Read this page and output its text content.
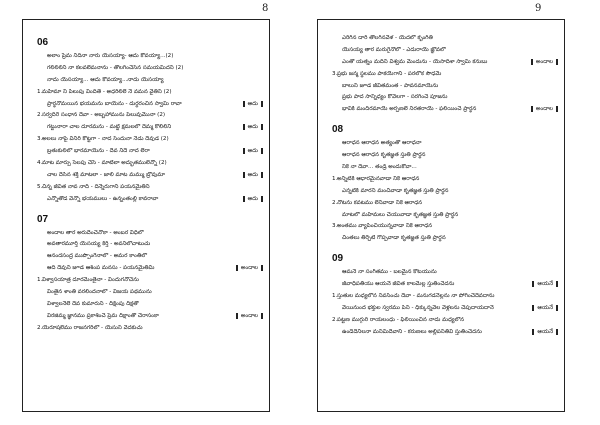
8	9
06
అలాం ప్రేమ నిదినా నారు యేసయ్యా- ఆదు కోవయ్యా...(2)
గలిలిలిని నా కలవలేమనాను - తొలగించేసిన సమయమిదని (2)
నాదు యేసయ్యా... ఆదు కోవయ్యా...నాదు యేసయ్యా
1. మహిమా నీ పిలుపు విందితే - అధరిలిలే నే వమన వైతిని (2)
ప్రార్థనోమయిన భయమను బాయెను - దుర్ధరంచిన స్వామి రావా	ఆదు
2. సర్వదిరే సంధాన దేవా - అబ్బహామును పిలువుమొనా (2)
గట్టునారా చాల దూరమను - మట్టి క్షమలలో దెమ్మ కొలిలిని	ఆదు
3. అలలు నాపై వినిరి కొట్టగా - నాద సిందునా నెడు దేవుడ (2)
బ్రతుకులిలో భారమాయెను - దేవ నిదే నాద లేరా	ఆదు
4. మాట మార్పు సెలపు చేసే - మాటిలా అద్భుతములెన్నో (2)
చాల దేసిన శక్తి మాటలా - జాలి మాట మమ్ము బ్రోవుమా	ఆదు
5. చిన్న జీవిత నావ నాది - దిన్నెరుగాని పయనమైతిని
ఎన్నోతోడ వెన్నో భయములు - ఉన్నంతంల్లి కావరావా	ఆదు
07
అందాల తార అరుదెంచెనొకా - అంబర వీధిలో
అవతారమూర్తి యేసయ్య కీర్తి - అవనిలోచాటుచు
ఆనందసంద్ర ముప్పొంగెనాలో - అమర కాంతిలో
ఆది దేవుని జూడ ఆశింప మనసు - పయనమైతిమి	అందాల
1. విశ్వాసయాత్ర దూరమెంతైనా - విందుగనోచెను
వింతైన శాంతి వరలిందనాలో - విజయ పథమును
విశ్వాలనేలే దేవ కుమారుని - దీక్షింపు దీక్షతో
విరజిమ్మ జ్ఞానము ప్రకాశించె ప్రేమ దీక్షాంతో చేరాసంకా	అందాల
2. యెరూషలేము రాజనగరిలో - యేసుని వెదకుచు
ఎరిగిన దారి తొలగినవేళ - యెదలో కృంగితి
యేసయ్య తార మరుగైనోలో - ఎదురాయె జ్ఞోవలో
ఎంతో యత్నం మదిని విశ్వమ మెందును - యేసాదిశా స్వామి కనుబు	అందాల
3. ప్రభు జన్మ స్థలము పాకయేగాని - పరలోక సౌధమే
బాలుని జూడ జీవితమంత - పావనమాయెను
ప్రభు పాద సాన్నిధ్యం కోవెలగా - సరగించె పూజను
భావికి మందిరమాయె అర్పణలే నిరతరాయె - ఫలియించె ప్రార్థన	అందాల
08
ఆరాధన ఆరాధన అత్యంతో ఆరాధనా
ఆరాధన ఆరాధన కృతజ్ఞత స్తుతి ప్రార్థన
నీకే నా దేవా... తండ్రి అందుకోవా...
1. అన్నిటికీ ఆధారమైనవాడా నీకే ఆరాధన
ఎన్నటికీ మారని మంచివాడా కృతజ్ఞత స్తుతి ప్రార్థన
2. నోటను కవటము లేనివాడా నీకే ఆరాధన
మాటలో మహిమలు చేయువాడా కృతజ్ఞత స్తుతి ప్రార్థన
3. అంతము వ్యాపించియున్నవాడా నీకే ఆరాధన
చింతలు తీర్చేటి గొప్పవాడా కృతజ్ఞత స్తుతి ప్రార్థన
09
ఆమనే నా సంగీతము - బలమైన కోటయును
జీవాధిపతియు ఆయనే జీవిత కాలమెల్ల స్తుతించెదను	ఆయనే
1. స్తుతుల మధ్యలోన నివసించు దేవా - మనుగడనెల్లను నా పోగించేదెవదాను
వేయినుంద భక్తుల స్వరము పీని - ధిక్కున్నవెల వెళ్లలను చేపుదాయదానే	ఆయనే
2. పట్టణ ముగ్గురి రాయలంధు - ఫిలియించిన నాదు మధ్యలోన
ఉండెదెనిలనా మనిమిదేవాని - కరుణలు అల్లిపనితివి స్తుతించెదను	ఆయనే
